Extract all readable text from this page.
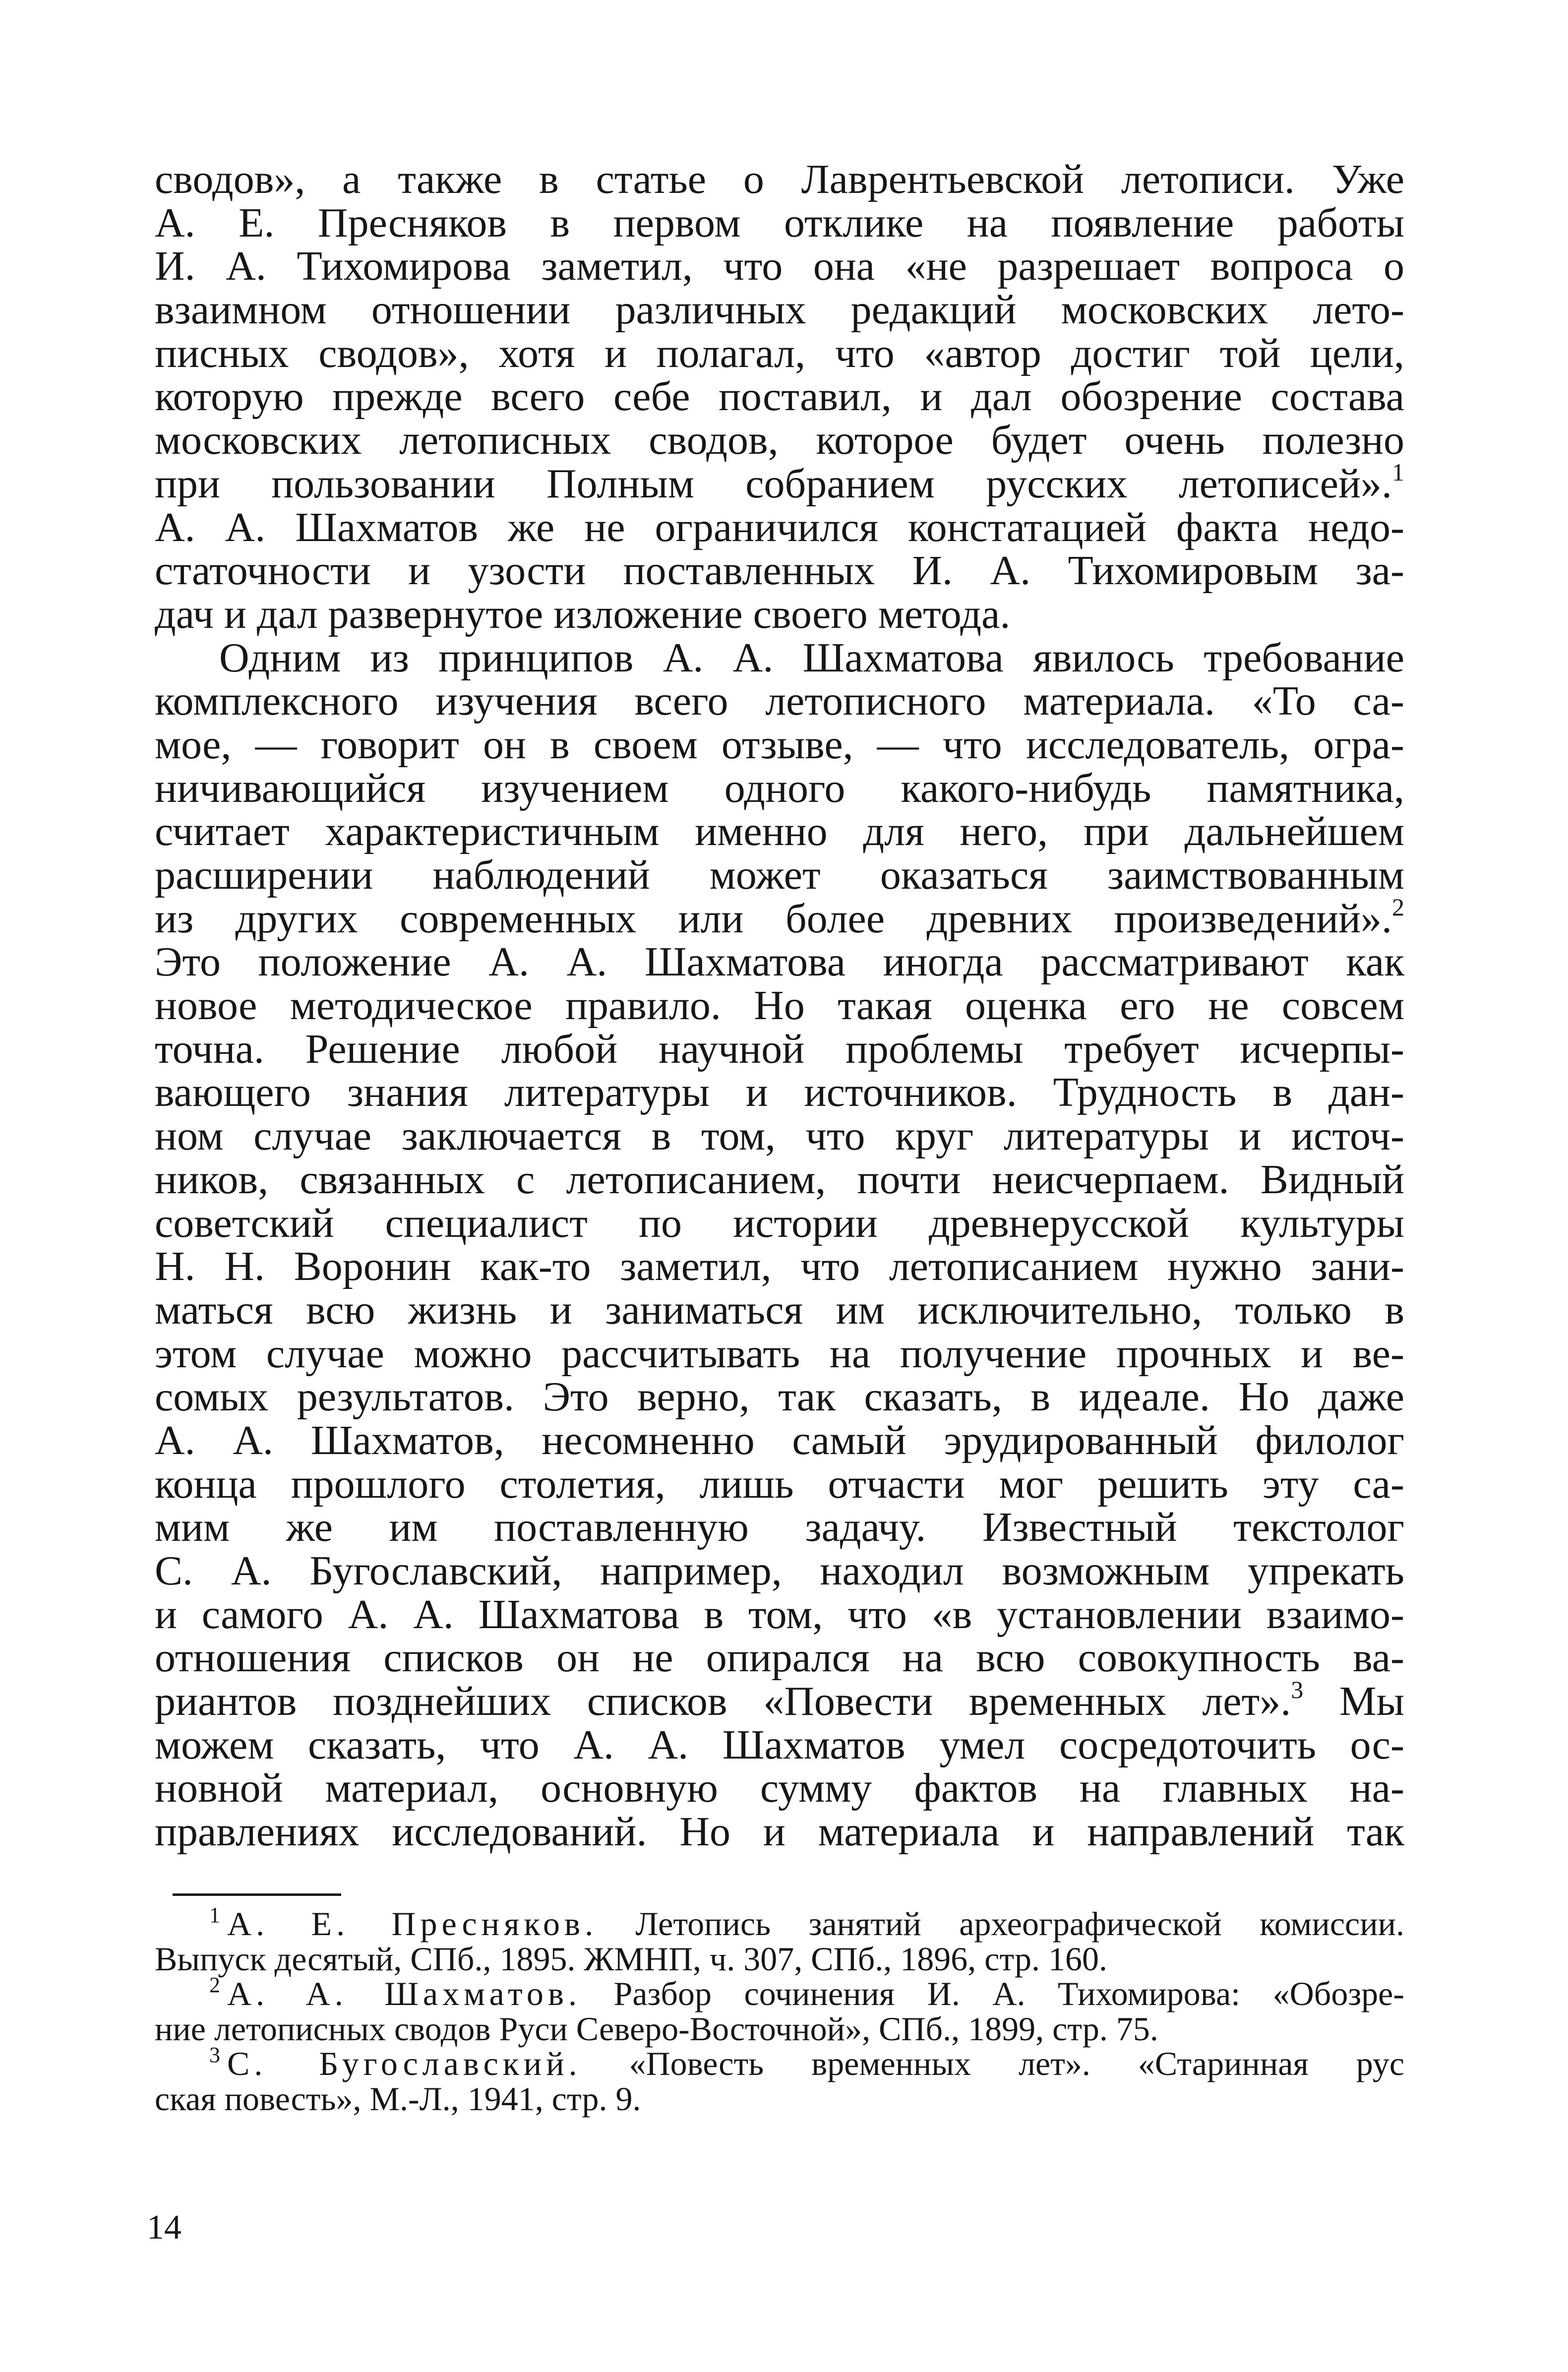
сводов», а также в статье о Лаврентьевской летописи. Уже
А. Е. Пресняков в первом отклике на появление работы
И. А. Тихомирова заметил, что она «не разрешает вопроса о
взаимном отношении различных редакций московских лето-
писных сводов», хотя и полагал, что «автор достиг той цели,
которую прежде всего себе поставил, и дал обозрение состава
московских летописных сводов, которое будет очень полезно
при пользовании Полным собранием русских летописей».$^1$
А. А. Шахматов же не ограничился констатацией факта недо-
статочности и узости поставленных И. А. Тихомировым за-
дач и дал развернутое изложение своего метода.
Одним из принципов А. А. Шахматова явилось требование
комплексного изучения всего летописного материала. «То са-
мое, — говорит он в своем отзыве, — что исследователь, огра-
ничивающийся изучением одного какого-нибудь памятника,
считает характеристичным именно для него, при дальнейшем
расширении наблюдений может оказаться заимствованным
из других современных или более древних произведений».$^2$
Это положение А. А. Шахматова иногда рассматривают как
новое методическое правило. Но такая оценка его не совсем
точна. Решение любой научной проблемы требует исчерпы-
вающего знания литературы и источников. Трудность в дан-
ном случае заключается в том, что круг литературы и источ-
ников, связанных с летописанием, почти неисчерпаем. Видный
советский специалист по истории древнерусской культуры
Н. Н. Воронин как-то заметил, что летописанием нужно зани-
маться всю жизнь и заниматься им исключительно, только в
этом случае можно рассчитывать на получение прочных и ве-
сомых результатов. Это верно, так сказать, в идеале. Но даже
А. А. Шахматов, несомненно самый эрудированный филолог
конца прошлого столетия, лишь отчасти мог решить эту са-
мим же им поставленную задачу. Известный текстолог
С. А. Бугославский, например, находил возможным упрекать
и самого А. А. Шахматова в том, что «в установлении взаимо-
отношения списков он не опирался на всю совокупность ва-
риантов позднейших списков «Повести временных лет».$^3$ Мы
можем сказать, что А. А. Шахматов умел сосредоточить ос-
новной материал, основную сумму фактов на главных на-
правлениях исследований. Но и материала и направлений так
$^1$ А. Е. Пресняков. Летопись занятий археографической комиссии.
Выпуск десятый, СПб., 1895. ЖМНП, ч. 307, СПб., 1896, стр. 160.
$^2$ А. А. Шахматов. Разбор сочинения И. А. Тихомирова: «Обозре-
ние летописных сводов Руси Северо-Восточной», СПб., 1899, стр. 75.
$^3$ С. Бугославский. «Повесть временных лет». «Старинная рус
ская повесть», М.-Л., 1941, стр. 9.
14
